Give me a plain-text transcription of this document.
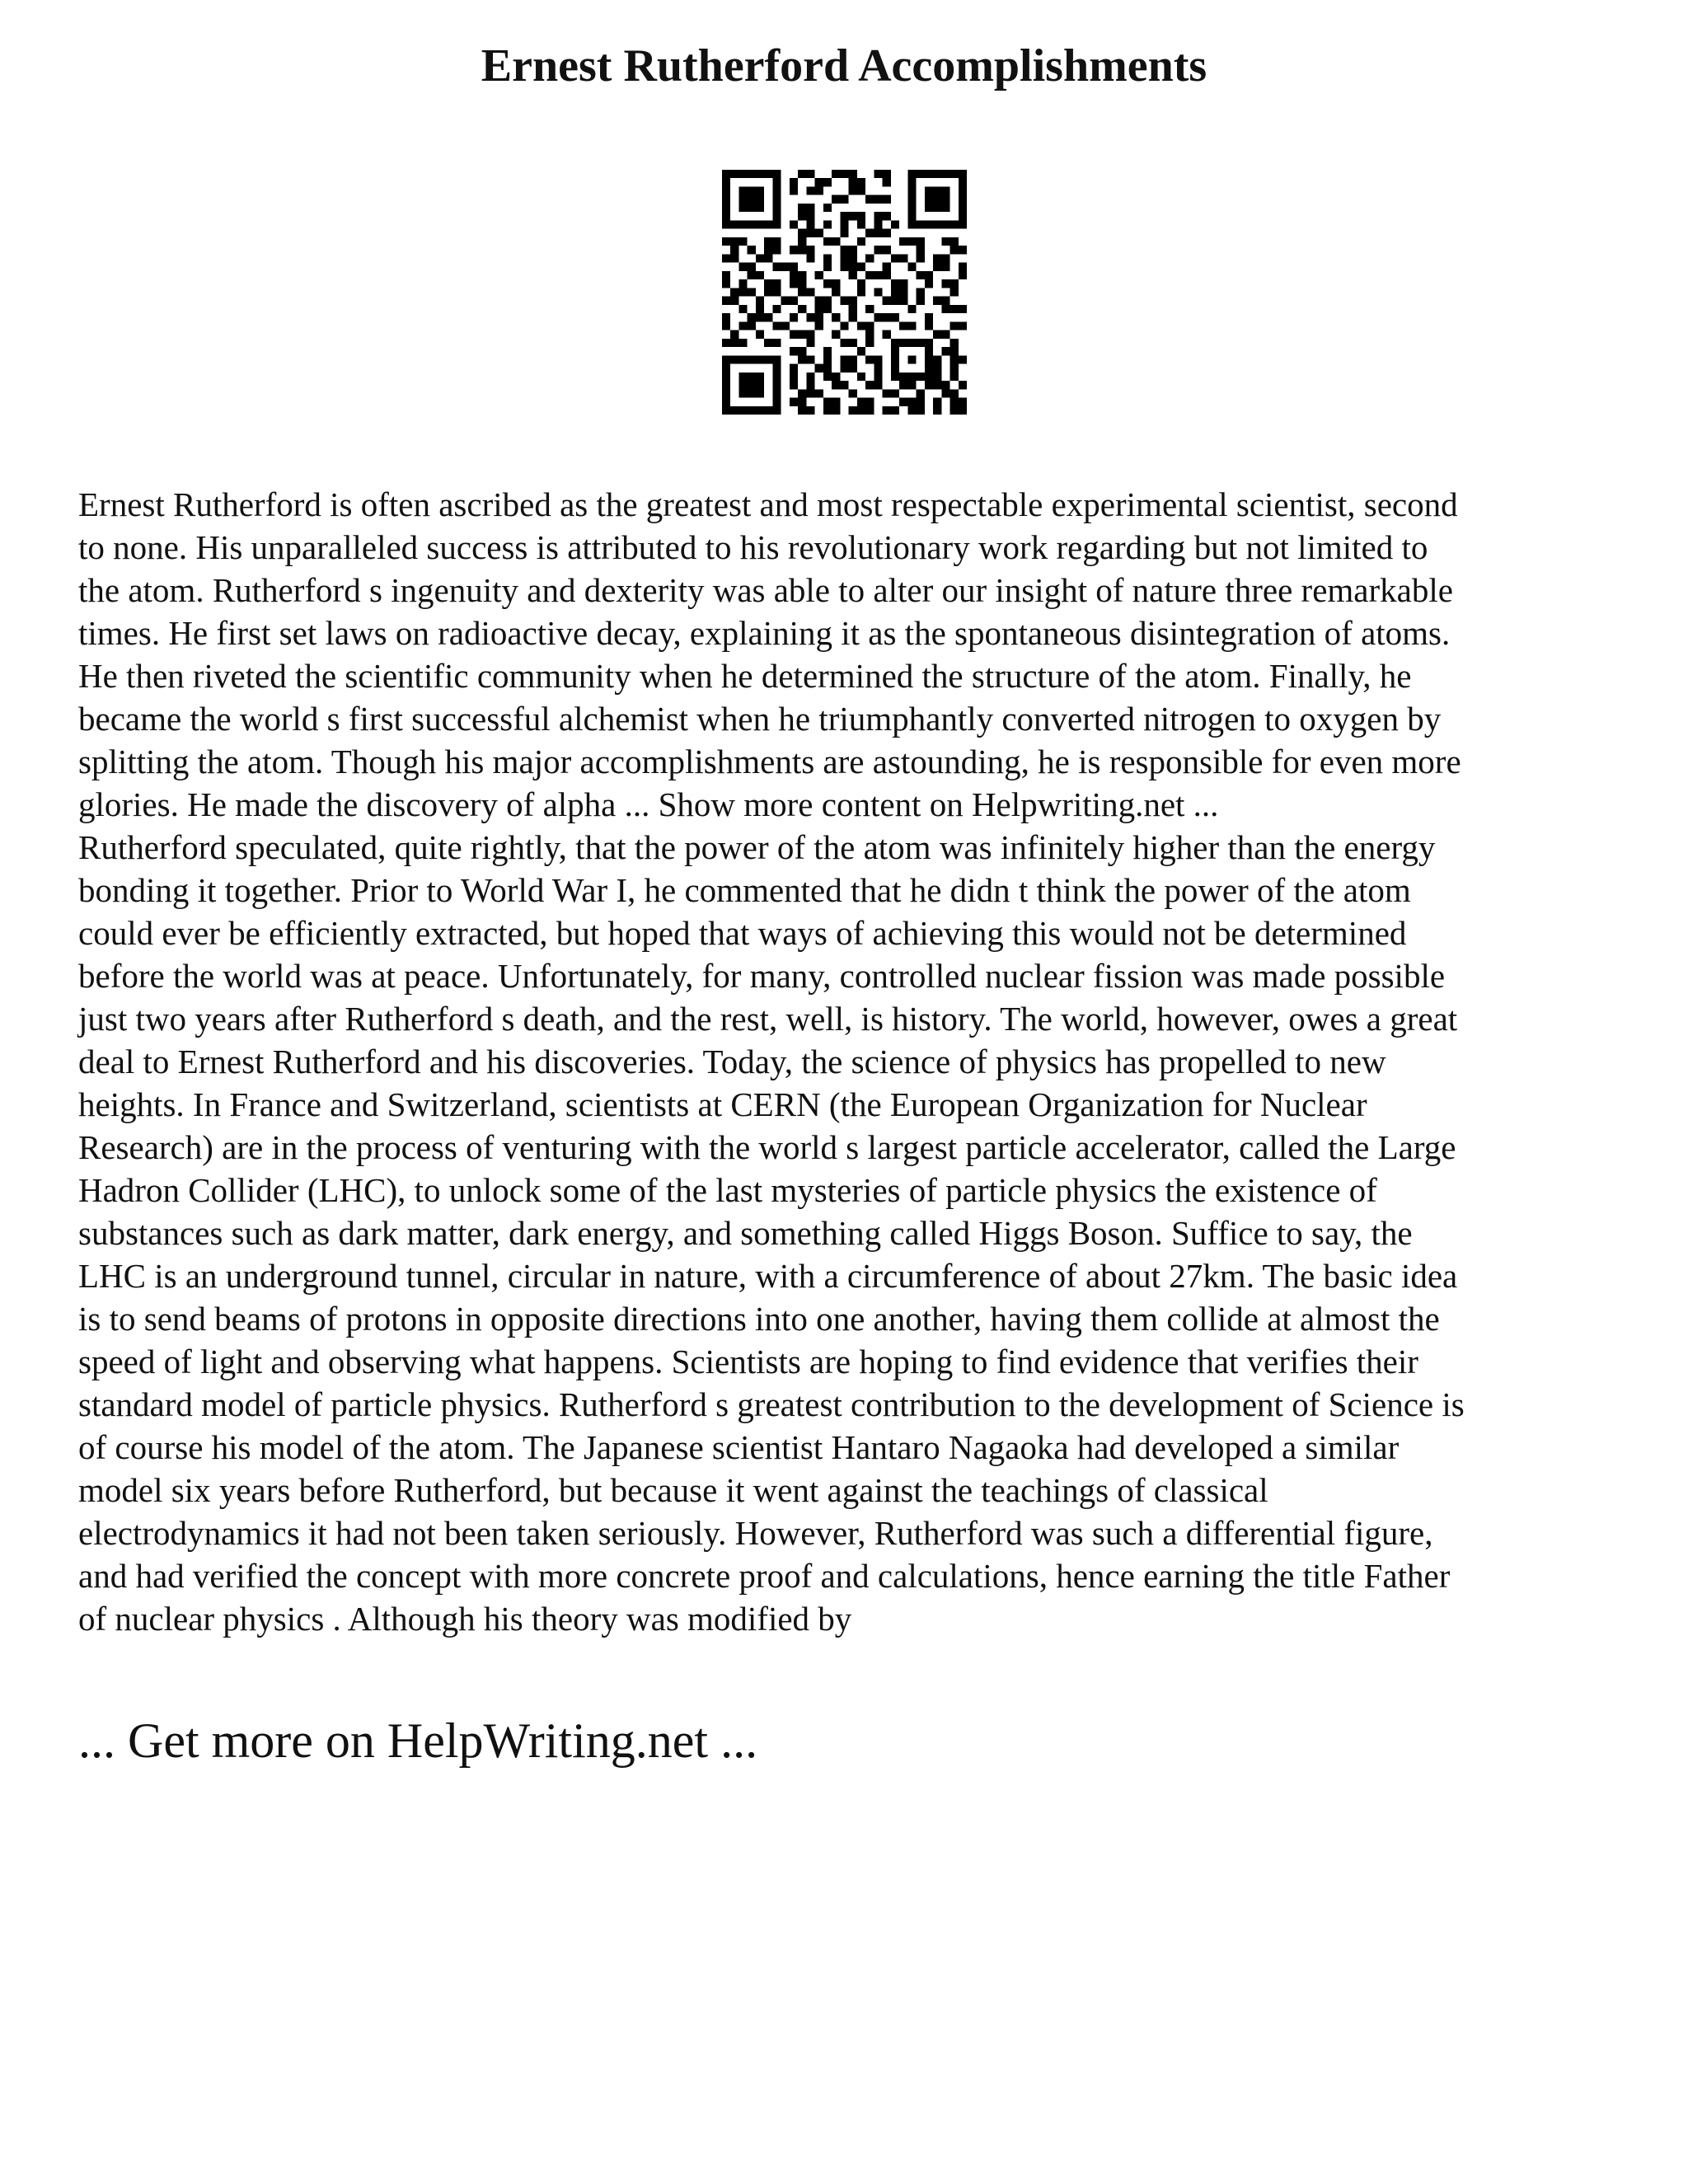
Ernest Rutherford Accomplishments
Ernest Rutherford is often ascribed as the greatest and most respectable experimental scientist, second
to none. His unparalleled success is attributed to his revolutionary work regarding but not limited to
the atom. Rutherford s ingenuity and dexterity was able to alter our insight of nature three remarkable
times. He first set laws on radioactive decay, explaining it as the spontaneous disintegration of atoms.
He then riveted the scientific community when he determined the structure of the atom. Finally, he
became the world s first successful alchemist when he triumphantly converted nitrogen to oxygen by
splitting the atom. Though his major accomplishments are astounding, he is responsible for even more
glories. He made the discovery of alpha ... Show more content on Helpwriting.net ...
Rutherford speculated, quite rightly, that the power of the atom was infinitely higher than the energy
bonding it together. Prior to World War I, he commented that he didn t think the power of the atom
could ever be efficiently extracted, but hoped that ways of achieving this would not be determined
before the world was at peace. Unfortunately, for many, controlled nuclear fission was made possible
just two years after Rutherford s death, and the rest, well, is history. The world, however, owes a great
deal to Ernest Rutherford and his discoveries. Today, the science of physics has propelled to new
heights. In France and Switzerland, scientists at CERN (the European Organization for Nuclear
Research) are in the process of venturing with the world s largest particle accelerator, called the Large
Hadron Collider (LHC), to unlock some of the last mysteries of particle physics the existence of
substances such as dark matter, dark energy, and something called Higgs Boson. Suffice to say, the
LHC is an underground tunnel, circular in nature, with a circumference of about 27km. The basic idea
is to send beams of protons in opposite directions into one another, having them collide at almost the
speed of light and observing what happens. Scientists are hoping to find evidence that verifies their
standard model of particle physics. Rutherford s greatest contribution to the development of Science is
of course his model of the atom. The Japanese scientist Hantaro Nagaoka had developed a similar
model six years before Rutherford, but because it went against the teachings of classical
electrodynamics it had not been taken seriously. However, Rutherford was such a differential figure,
and had verified the concept with more concrete proof and calculations, hence earning the title Father
of nuclear physics . Although his theory was modified by
... Get more on HelpWriting.net ...
